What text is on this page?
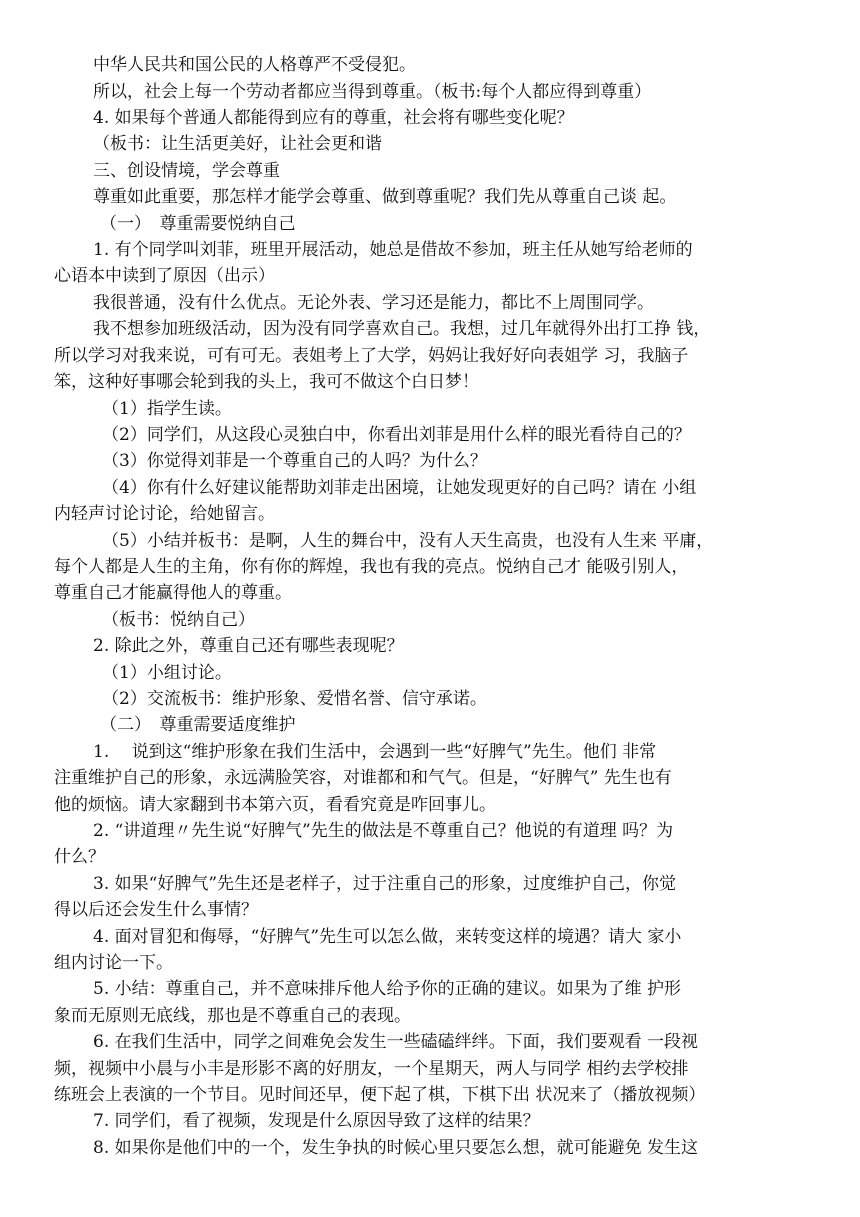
中华人民共和国公民的人格尊严不受侵犯。
所以，社会上每一个劳动者都应当得到尊重。（板书:每个人都应得到尊重）
4. 如果每个普通人都能得到应有的尊重，社会将有哪些变化呢？
（板书：让生活更美好，让社会更和谐
三、创设情境，学会尊重
尊重如此重要，那怎样才能学会尊重、做到尊重呢？我们先从尊重自己谈 起。
（一）　尊重需要悦纳自己
1. 有个同学叫刘菲，班里开展活动，她总是借故不参加，班主任从她写给老师的
心语本中读到了原因（出示）
我很普通，没有什么优点。无论外表、学习还是能力，都比不上周围同学。
我不想参加班级活动，因为没有同学喜欢自己。我想，过几年就得外出打工挣 钱，
所以学习对我来说，可有可无。表姐考上了大学，妈妈让我好好向表姐学 习，我脑子
笨，这种好事哪会轮到我的头上，我可不做这个白日梦！
（1）指学生读。
（2）同学们，从这段心灵独白中，你看出刘菲是用什么样的眼光看待自己的？
（3）你觉得刘菲是一个尊重自己的人吗？为什么？
（4）你有什么好建议能帮助刘菲走出困境，让她发现更好的自己吗？请在 小组
内轻声讨论讨论，给她留言。
（5）小结并板书：是啊，人生的舞台中，没有人天生高贵，也没有人生来 平庸，
每个人都是人生的主角，你有你的辉煌，我也有我的亮点。悦纳自己才 能吸引别人，
尊重自己才能赢得他人的尊重。
（板书：悦纳自己）
2. 除此之外，尊重自己还有哪些表现呢？
（1）小组讨论。
（2）交流板书：维护形象、爱惜名誉、信守承诺。
（二）　尊重需要适度维护
1.　 说到这“维护形象在我们生活中，会遇到一些“好脾气”先生。他们 非常
注重维护自己的形象，永远满脸笑容，对谁都和和气气。但是，“好脾气” 先生也有
他的烦恼。请大家翻到书本第六页，看看究竟是咋回事儿。
2. “讲道理〃先生说“好脾气”先生的做法是不尊重自己？他说的有道理 吗？为
什么？
3. 如果“好脾气”先生还是老样子，过于注重自己的形象，过度维护自己，你觉
得以后还会发生什么事情？
4. 面对冒犯和侮辱，“好脾气”先生可以怎么做，来转变这样的境遇？请大 家小
组内讨论一下。
5. 小结：尊重自己，并不意味排斥他人给予你的正确的建议。如果为了维 护形
象而无原则无底线，那也是不尊重自己的表现。
6. 在我们生活中，同学之间难免会发生一些磕磕绊绊。下面，我们要观看 一段视
频，视频中小晨与小丰是形影不离的好朋友，一个星期天，两人与同学 相约去学校排
练班会上表演的一个节目。见时间还早，便下起了棋，下棋下出 状况来了（播放视频）
7. 同学们，看了视频，发现是什么原因导致了这样的结果？
8. 如果你是他们中的一个，发生争执的时候心里只要怎么想，就可能避免 发生这
